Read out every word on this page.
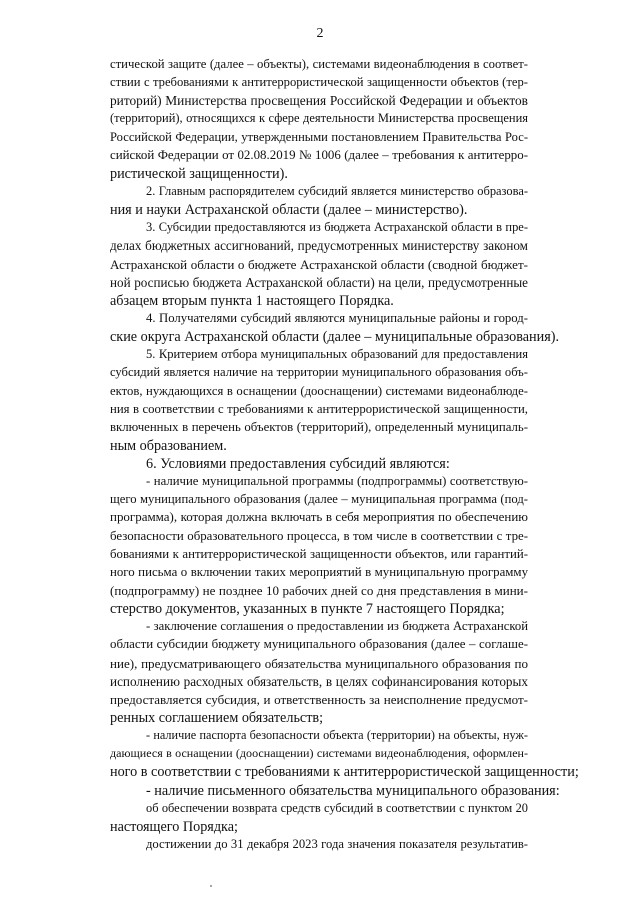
2
стической защите (далее – объекты), системами видеонаблюдения в соответ-
ствии с требованиями к антитеррористической защищенности объектов (тер-
риторий) Министерства просвещения Российской Федерации и объектов
(территорий), относящихся к сфере деятельности Министерства просвещения
Российской Федерации, утвержденными постановлением Правительства Рос-
сийской Федерации от 02.08.2019 № 1006 (далее – требования к антитерро-
ристической защищенности).
2. Главным распорядителем субсидий является министерство образова-
ния и науки Астраханской области (далее – министерство).
3. Субсидии предоставляются из бюджета Астраханской области в пре-
делах бюджетных ассигнований, предусмотренных министерству законом
Астраханской области о бюджете Астраханской области (сводной бюджет-
ной росписью бюджета Астраханской области) на цели, предусмотренные
абзацем вторым пункта 1 настоящего Порядка.
4. Получателями субсидий являются муниципальные районы и город-
ские округа Астраханской области (далее – муниципальные образования).
5. Критерием отбора муниципальных образований для предоставления
субсидий является наличие на территории муниципального образования объ-
ектов, нуждающихся в оснащении (дооснащении) системами видеонаблюде-
ния в соответствии с требованиями к антитеррористической защищенности,
включенных в перечень объектов (территорий), определенный муниципаль-
ным образованием.
6. Условиями предоставления субсидий являются:
- наличие муниципальной программы (подпрограммы) соответствую-
щего муниципального образования (далее – муниципальная программа (под-
программа), которая должна включать в себя мероприятия по обеспечению
безопасности образовательного процесса, в том числе в соответствии с тре-
бованиями к антитеррористической защищенности объектов, или гарантий-
ного письма о включении таких мероприятий в муниципальную программу
(подпрограмму) не позднее 10 рабочих дней со дня представления в мини-
стерство документов, указанных в пункте 7 настоящего Порядка;
- заключение соглашения о предоставлении из бюджета Астраханской
области субсидии бюджету муниципального образования (далее – соглаше-
ние), предусматривающего обязательства муниципального образования по
исполнению расходных обязательств, в целях софинансирования которых
предоставляется субсидия, и ответственность за неисполнение предусмот-
ренных соглашением обязательств;
- наличие паспорта безопасности объекта (территории) на объекты, нуж-
дающиеся в оснащении (дооснащении) системами видеонаблюдения, оформлен-
ного в соответствии с требованиями к антитеррористической защищенности;
- наличие письменного обязательства муниципального образования:
об обеспечении возврата средств субсидий в соответствии с пунктом 20
настоящего Порядка;
достижении до 31 декабря 2023 года значения показателя результатив-
